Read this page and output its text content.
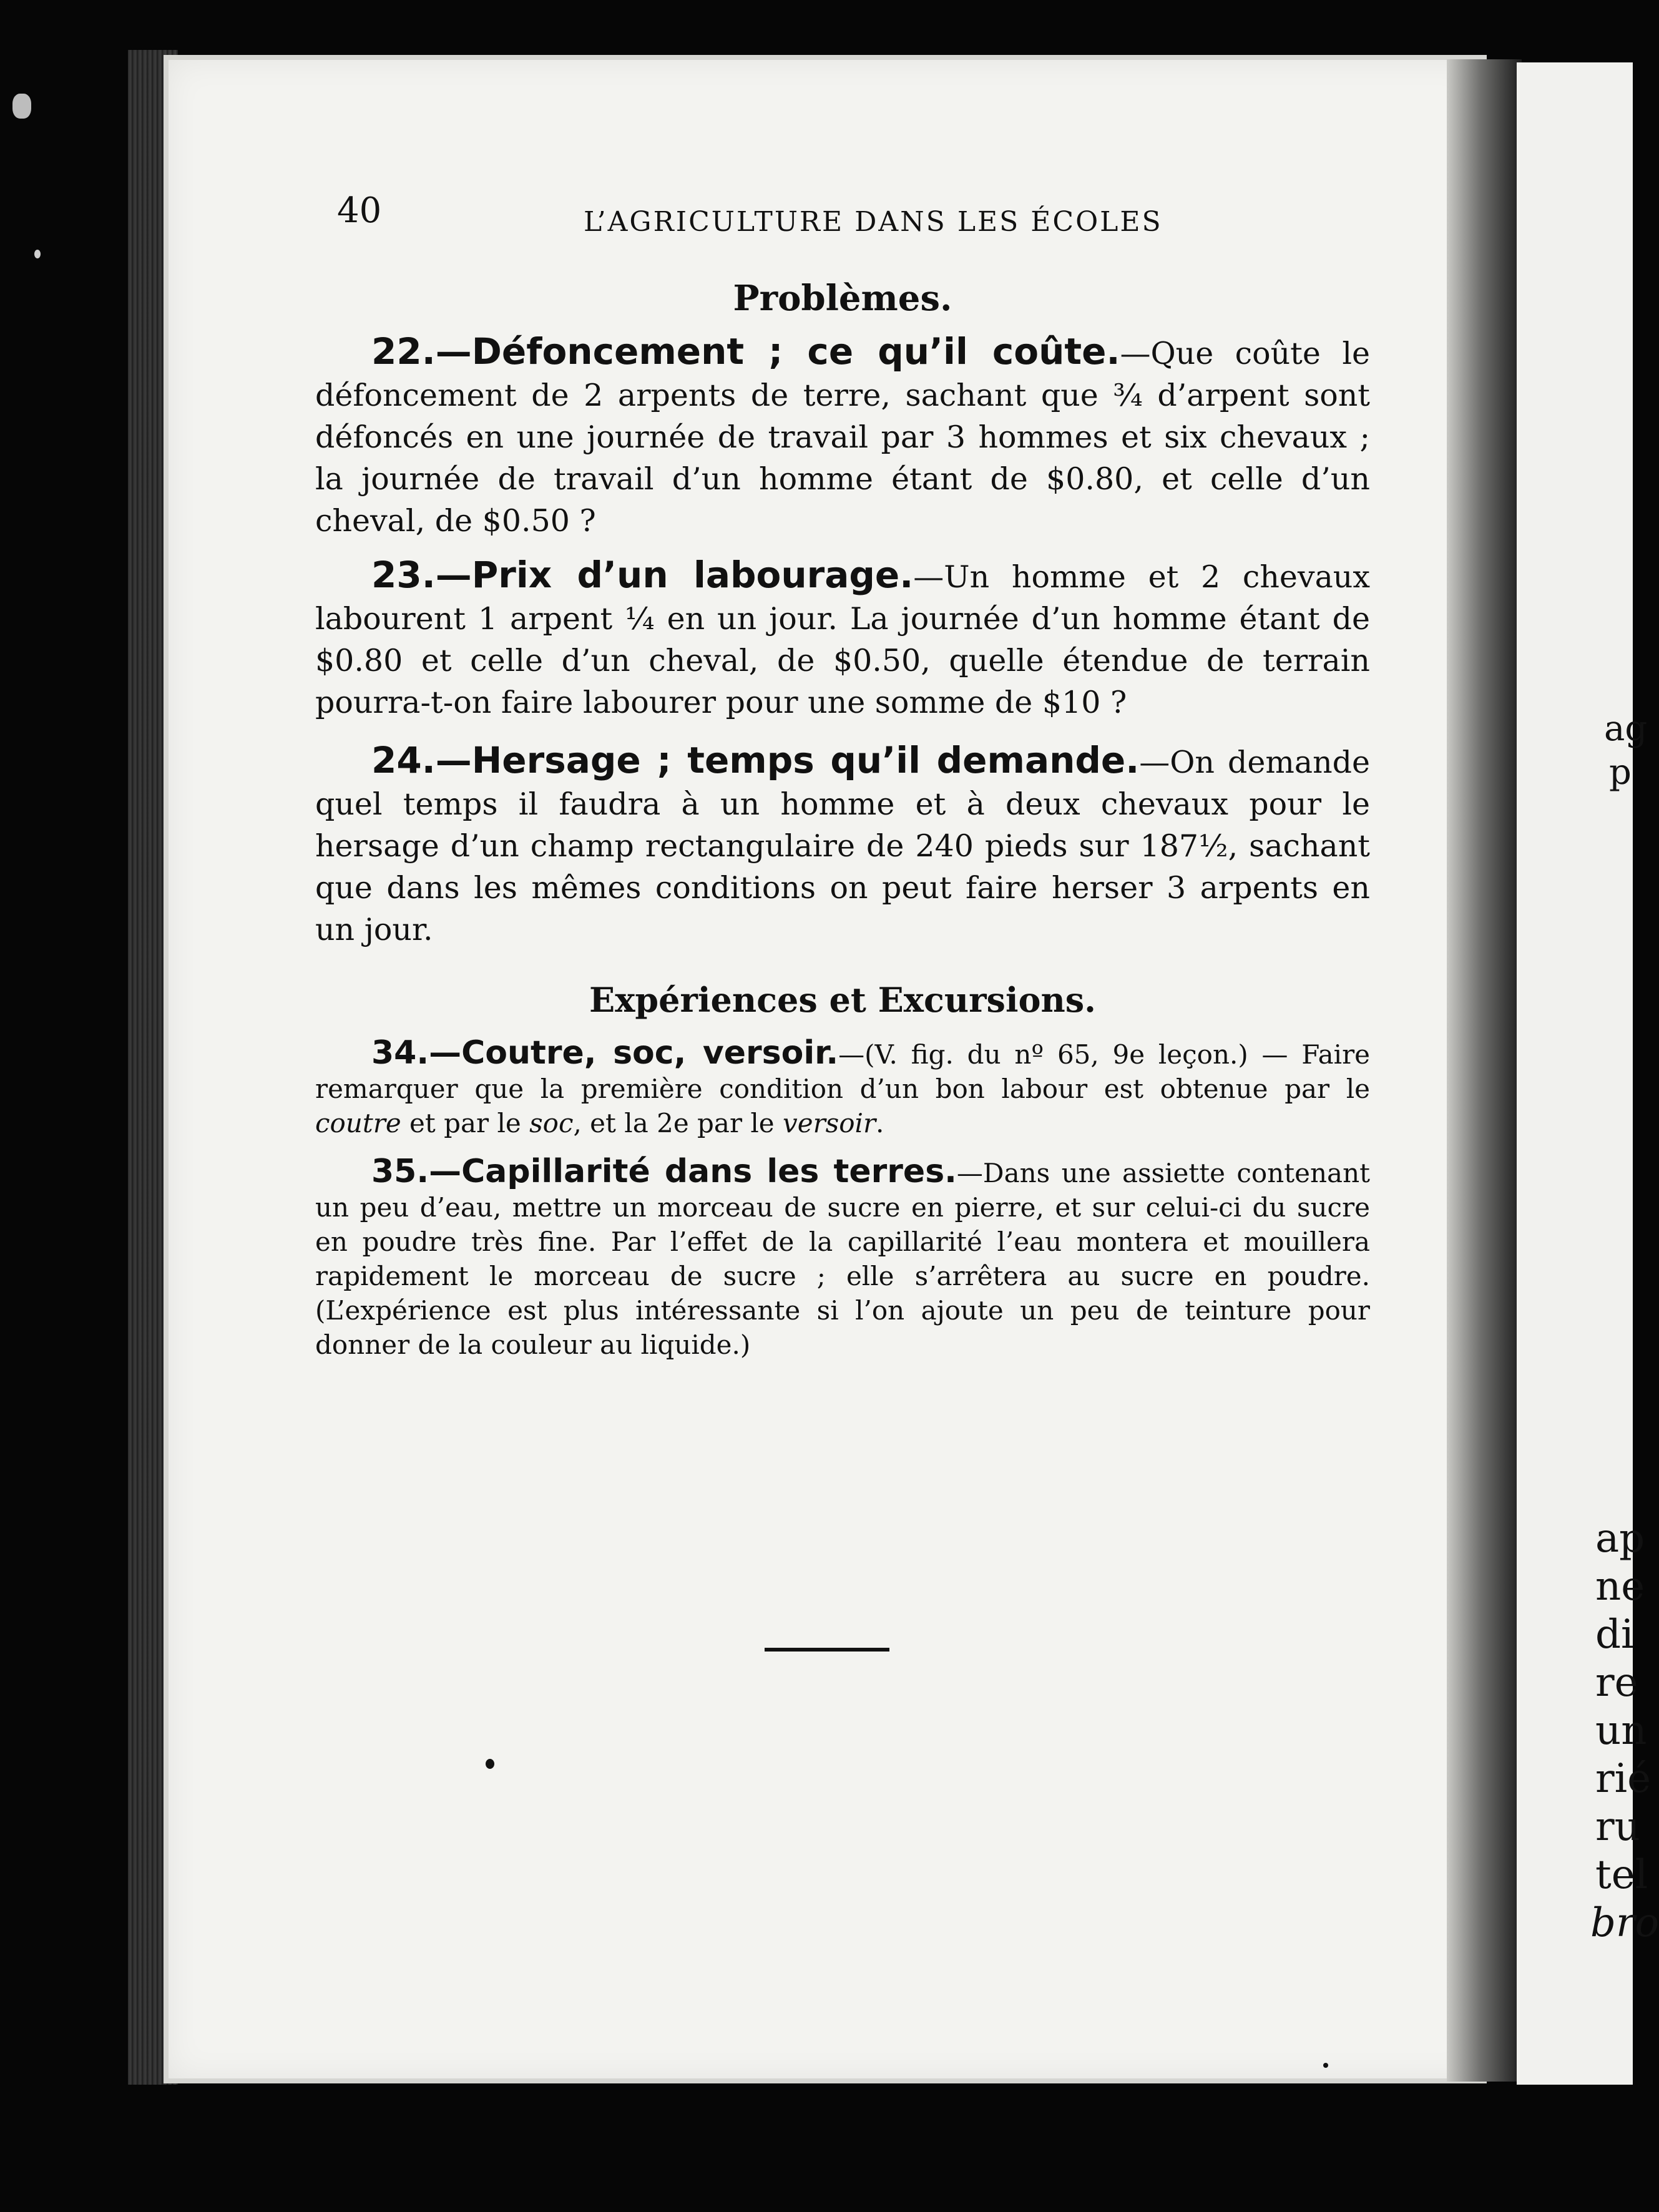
ag
p
ap
ne
di
re
un
rié
ru
tel
bro
40	L’AGRICULTURE DANS LES ÉCOLES
Problèmes.
22.—Défoncement ; ce qu’il coûte.—Que coûte le défoncement de 2 arpents de terre, sachant que ¾ d’arpent sont défoncés en une journée de travail par 3 hommes et six chevaux ; la journée de travail d’un homme étant de $0.80, et celle d’un cheval, de $0.50 ?
23.—Prix d’un labourage.—Un homme et 2 chevaux labourent 1 arpent ¼ en un jour. La journée d’un homme étant de $0.80 et celle d’un cheval, de $0.50, quelle étendue de terrain pourra-t-on faire labourer pour une somme de $10 ?
24.—Hersage ; temps qu’il demande.—On demande quel temps il faudra à un homme et à deux chevaux pour le hersage d’un champ rectangulaire de 240 pieds sur 187½, sachant que dans les mêmes conditions on peut faire herser 3 arpents en un jour.
Expériences et Excursions.
34.—Coutre, soc, versoir.—(V. fig. du nº 65, 9e leçon.) — Faire remarquer que la première condition d’un bon labour est obtenue par le coutre et par le soc, et la 2e par le versoir.
35.—Capillarité dans les terres.—Dans une assiette contenant un peu d’eau, mettre un morceau de sucre en pierre, et sur celui-ci du sucre en poudre très fine. Par l’effet de la capillarité l’eau montera et mouillera rapidement le morceau de sucre ; elle s’arrêtera au sucre en poudre. (L’expérience est plus intéressante si l’on ajoute un peu de teinture pour donner de la couleur au liquide.)
